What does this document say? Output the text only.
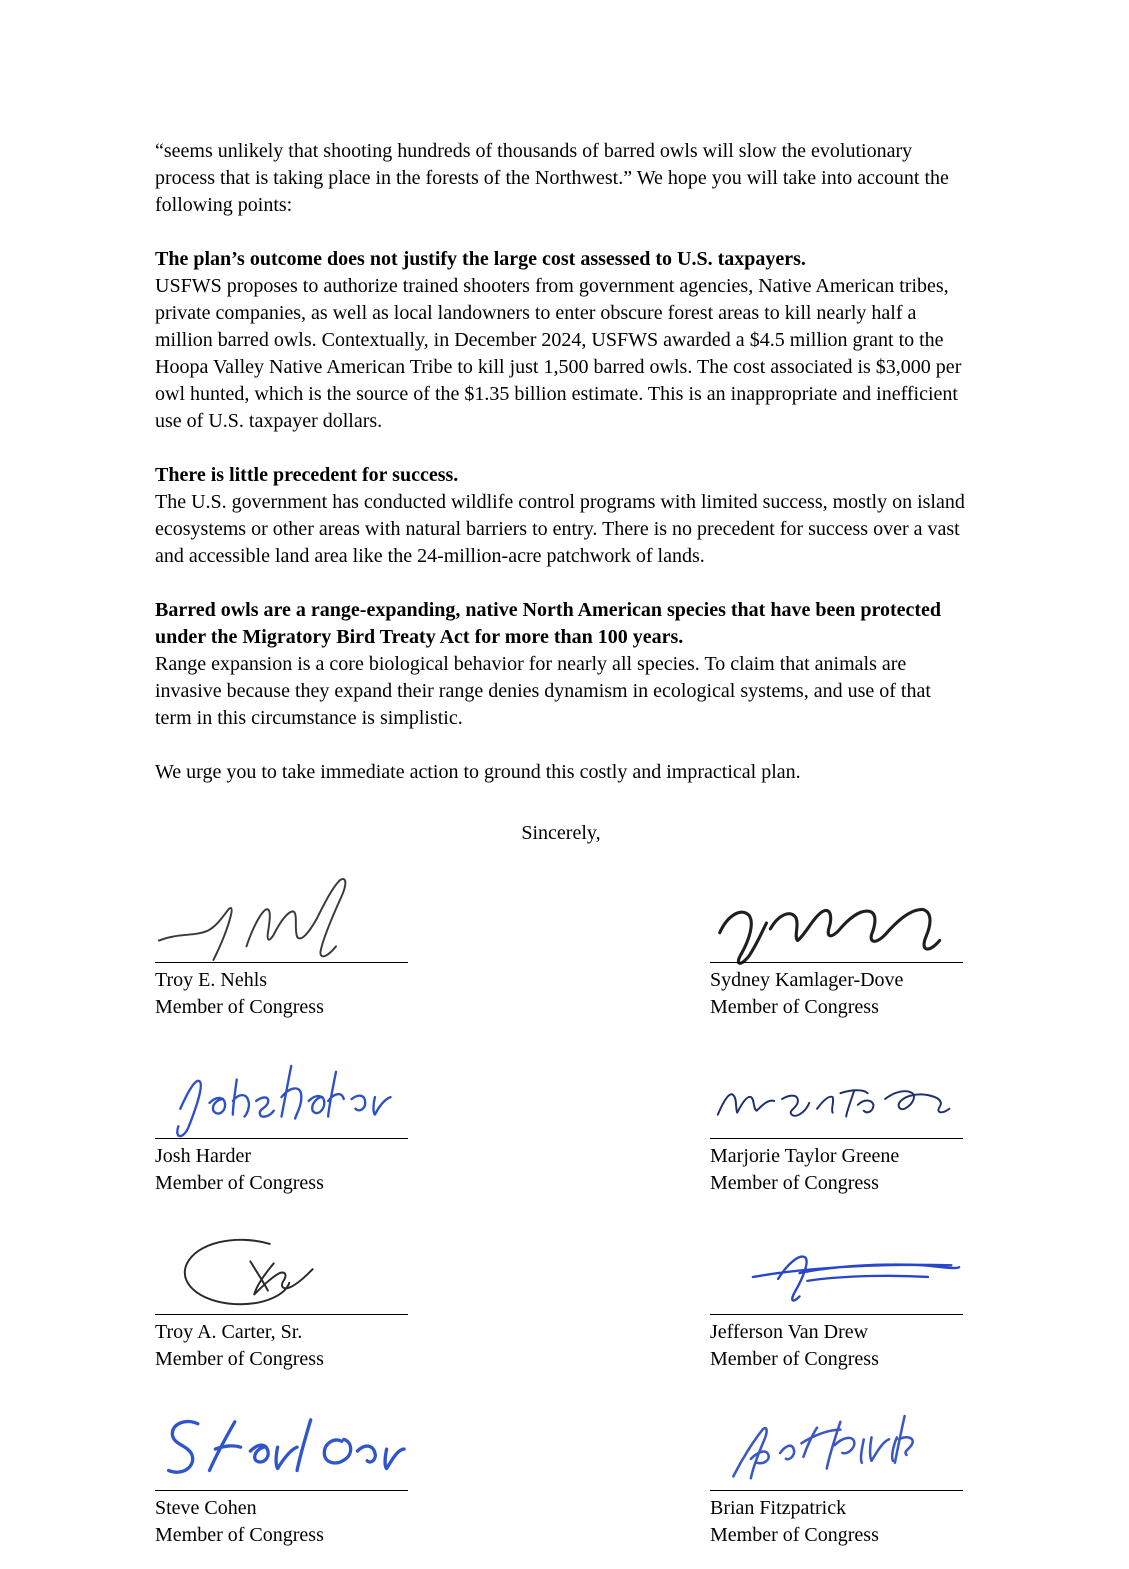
“seems unlikely that shooting hundreds of thousands of barred owls will slow the evolutionary process that is taking place in the forests of the Northwest.” We hope you will take into account the following points:

The plan’s outcome does not justify the large cost assessed to U.S. taxpayers.
USFWS proposes to authorize trained shooters from government agencies, Native American tribes, private companies, as well as local landowners to enter obscure forest areas to kill nearly half a million barred owls. Contextually, in December 2024, USFWS awarded a $4.5 million grant to the Hoopa Valley Native American Tribe to kill just 1,500 barred owls. The cost associated is $3,000 per owl hunted, which is the source of the $1.35 billion estimate. This is an inappropriate and inefficient use of U.S. taxpayer dollars.

There is little precedent for success.
The U.S. government has conducted wildlife control programs with limited success, mostly on island ecosystems or other areas with natural barriers to entry. There is no precedent for success over a vast and accessible land area like the 24-million-acre patchwork of lands.

Barred owls are a range-expanding, native North American species that have been protected under the Migratory Bird Treaty Act for more than 100 years.
Range expansion is a core biological behavior for nearly all species. To claim that animals are invasive because they expand their range denies dynamism in ecological systems, and use of that term in this circumstance is simplistic.

We urge you to take immediate action to ground this costly and impractical plan.

Sincerely,
Troy E. Nehls
Member of Congress
Sydney Kamlager-Dove
Member of Congress
Josh Harder
Member of Congress
Marjorie Taylor Greene
Member of Congress
Troy A. Carter, Sr.
Member of Congress
Jefferson Van Drew
Member of Congress
Steve Cohen
Member of Congress
Brian Fitzpatrick
Member of Congress
